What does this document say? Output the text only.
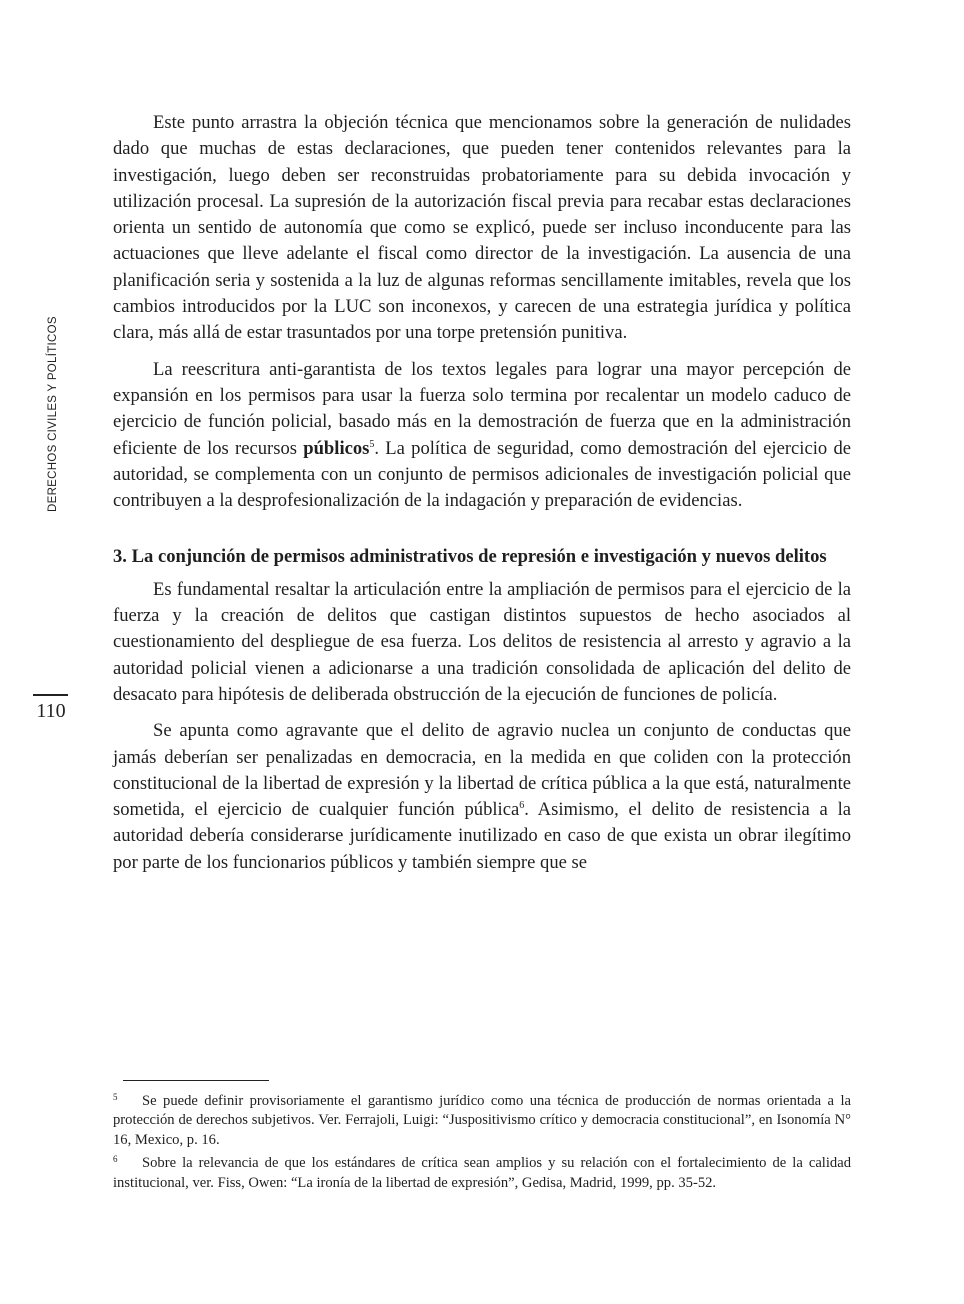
DERECHOS CIVILES Y POLÍTICOS
110

Este punto arrastra la objeción técnica que mencionamos sobre la generación de nulidades dado que muchas de estas declaraciones, que pueden tener contenidos relevantes para la investigación, luego deben ser reconstruidas probatoriamente para su debida invocación y utilización procesal. La supresión de la autorización fiscal previa para recabar estas declaraciones orienta un sentido de autonomía que como se explicó, puede ser incluso inconducente para las actuaciones que lleve adelante el fiscal como director de la investigación. La ausencia de una planificación seria y sostenida a la luz de algunas reformas sencillamente imitables, revela que los cambios introducidos por la LUC son inconexos, y carecen de una estrategia jurídica y política clara, más allá de estar trasuntados por una torpe pretensión punitiva.

La reescritura anti-garantista de los textos legales para lograr una mayor percepción de expansión en los permisos para usar la fuerza solo termina por recalentar un modelo caduco de ejercicio de función policial, basado más en la demostración de fuerza que en la administración eficiente de los recursos públicos$^5$. La política de seguridad, como demostración del ejercicio de autoridad, se complementa con un conjunto de permisos adicionales de investigación policial que contribuyen a la desprofesionalización de la indagación y preparación de evidencias.

3. La conjunción de permisos administrativos de represión e investigación y nuevos delitos

Es fundamental resaltar la articulación entre la ampliación de permisos para el ejercicio de la fuerza y la creación de delitos que castigan distintos supuestos de hecho asociados al cuestionamiento del despliegue de esa fuerza. Los delitos de resistencia al arresto y agravio a la autoridad policial vienen a adicionarse a una tradición consolidada de aplicación del delito de desacato para hipótesis de deliberada obstrucción de la ejecución de funciones de policía.

Se apunta como agravante que el delito de agravio nuclea un conjunto de conductas que jamás deberían ser penalizadas en democracia, en la medida en que coliden con la protección constitucional de la libertad de expresión y la libertad de crítica pública a la que está, naturalmente sometida, el ejercicio de cualquier función pública$^6$. Asimismo, el delito de resistencia a la autoridad debería considerarse jurídicamente inutilizado en caso de que exista un obrar ilegítimo por parte de los funcionarios públicos y también siempre que se

5 Se puede definir provisoriamente el garantismo jurídico como una técnica de producción de normas orientada a la protección de derechos subjetivos. Ver. Ferrajoli, Luigi: “Juspositivismo crítico y democracia constitucional”, en Isonomía N° 16, Mexico, p. 16.

6 Sobre la relevancia de que los estándares de crítica sean amplios y su relación con el fortalecimiento de la calidad institucional, ver. Fiss, Owen: “La ironía de la libertad de expresión”, Gedisa, Madrid, 1999, pp. 35-52.
